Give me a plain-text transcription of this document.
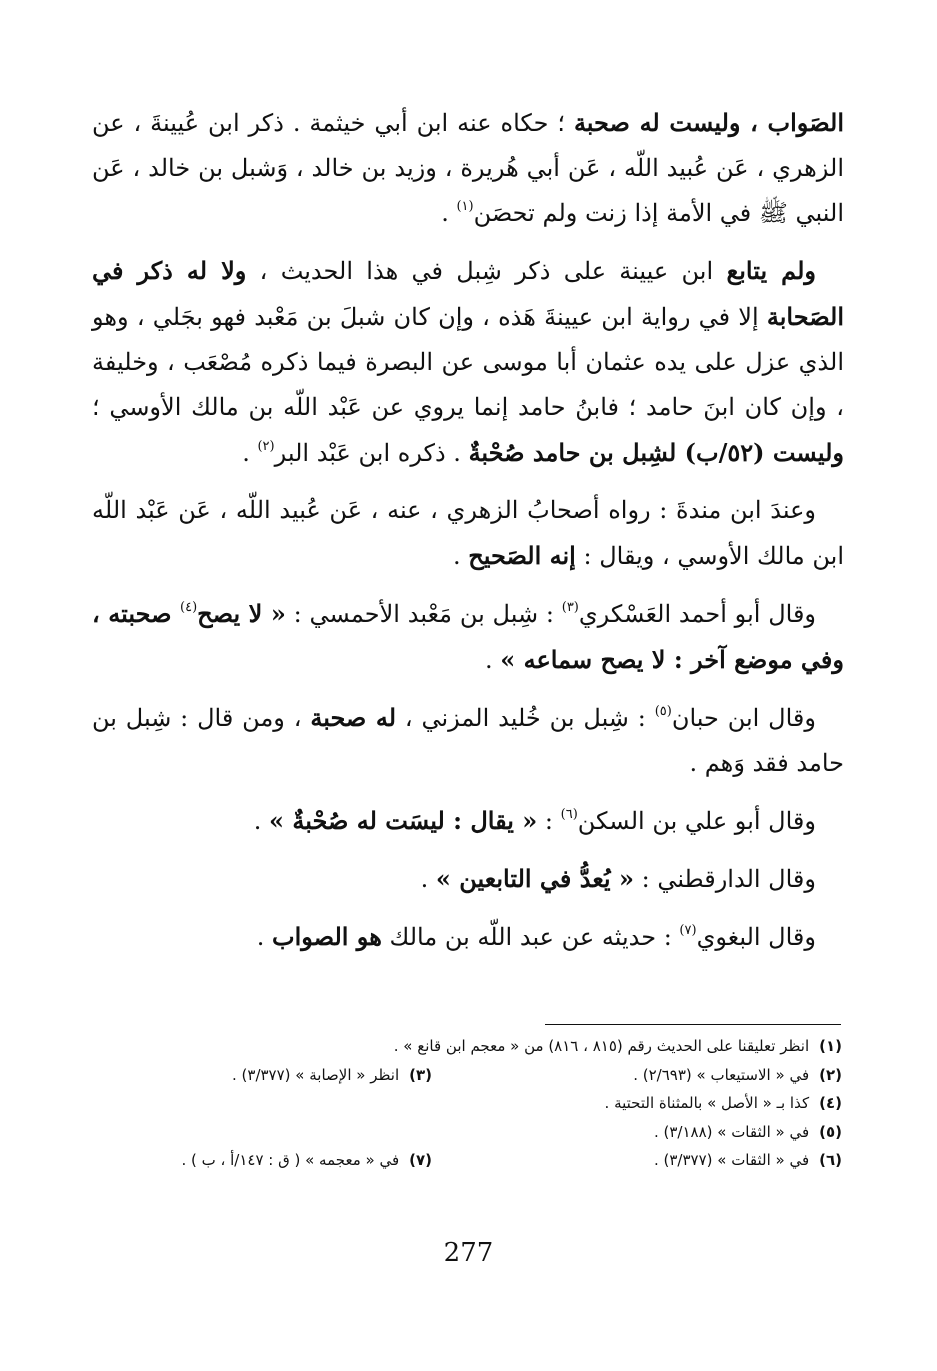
الصَواب ، وليست له صحبة ؛ حكاه عنه ابن أبي خيثمة . ذكر ابن عُيينةَ ، عن الزهري ، عَن عُبيد اللّه ، عَن أبي هُريرة ، وزيد بن خالد ، وَشبل بن خالد ، عَن النبي ﷺ في الأمة إذا زنت ولم تحصَن$^{(١)}$ .

ولم يتابع ابن عيينة على ذكر شِبل في هذا الحديث ، ولا له ذكر في الصَحابة إلا في رواية ابن عيينةَ هَذه ، وإن كان شبلَ بن مَعْبد فهو بجَلي ، وهو الذي عزل على يده عثمان أبا موسى عن البصرة فيما ذكره مُصْعَب ، وخليفة ، وإن كان ابنَ حامد ؛ فابنُ حامد إنما يروي عن عَبْد اللّه بن مالك الأوسي ؛ وليست (٥٢/ب) لشِبل بن حامد صُحْبةٌ . ذكره ابن عَبْد البر$^{(٢)}$ .

وعندَ ابن مندةَ : رواه أصحابُ الزهري ، عنه ، عَن عُبيد اللّه ، عَن عَبْد اللّه ابن مالك الأوسي ، ويقال : إنه الصَحيح .

وقال أبو أحمد العَسْكري$^{(٣)}$ : شِبل بن مَعْبد الأحمسي : « لا يصح$^{(٤)}$ صحبته ، وفي موضع آخر : لا يصح سماعه » .

وقال ابن حبان$^{(٥)}$ : شِبل بن خُليد المزني ، له صحبة ، ومن قال : شِبل بن حامد فقد وَهم .

وقال أبو علي بن السكن$^{(٦)}$ : « يقال : ليسَت له صُحْبةٌ » .

وقال الدارقطني : « يُعدُّ في التابعين » .

وقال البغوي$^{(٧)}$ : حديثه عن عبد اللّه بن مالك هو الصواب .

(١)انظر تعليقنا على الحديث رقم (٨١٥ ، ٨١٦) من « معجم ابن قانع » .
(٢)في « الاستيعاب » (٢/٦٩٣) .
(٣)انظر « الإصابة » (٣/٣٧٧) .
(٤)كذا بـ « الأصل » بالمثناة التحتية .
(٥)في « الثقات » (٣/١٨٨) .
(٦)في « الثقات » (٣/٣٧٧) .
(٧)في « معجمه » ( ق : ١٤٧/أ ، ب ) .
277
